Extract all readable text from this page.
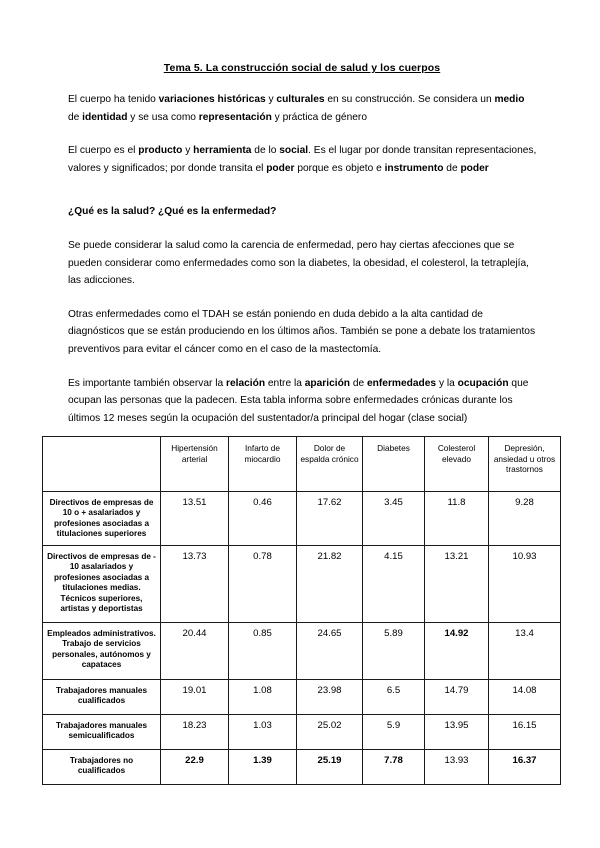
Tema 5. La construcción social de salud y los cuerpos

El cuerpo ha tenido variaciones históricas y culturales en su construcción. Se considera un medio de identidad y se usa como representación y práctica de género

El cuerpo es el producto y herramienta de lo social. Es el lugar por donde transitan representaciones, valores y significados; por donde transita el poder porque es objeto e instrumento de poder

¿Qué es la salud? ¿Qué es la enfermedad?

Se puede considerar la salud como la carencia de enfermedad, pero hay ciertas afecciones que se pueden considerar como enfermedades como son la diabetes, la obesidad, el colesterol, la tetraplejía, las adicciones.

Otras enfermedades como el TDAH se están poniendo en duda debido a la alta cantidad de diagnósticos que se están produciendo en los últimos años. También se pone a debate los tratamientos preventivos para evitar el cáncer como en el caso de la mastectomía.

Es importante también observar la relación entre la aparición de enfermedades y la ocupación que ocupan las personas que la padecen. Esta tabla informa sobre enfermedades crónicas durante los últimos 12 meses según la ocupación del sustentador/a principal del hogar (clase social)

	Hipertensión arterial	Infarto de miocardio	Dolor de espalda crónico	Diabetes	Colesterol elevado	Depresión, ansiedad u otros trastornos
Directivos de empresas de 10 o + asalariados y profesiones asociadas a titulaciones superiores	13.51	0.46	17.62	3.45	11.8	9.28
Directivos de empresas de - 10 asalariados y profesiones asociadas a titulaciones medias. Técnicos superiores, artistas y deportistas	13.73	0.78	21.82	4.15	13.21	10.93
Empleados administrativos. Trabajo de servicios personales, autónomos y capataces	20.44	0.85	24.65	5.89	14.92	13.4
Trabajadores manuales cualificados	19.01	1.08	23.98	6.5	14.79	14.08
Trabajadores manuales semicualificados	18.23	1.03	25.02	5.9	13.95	16.15
Trabajadores no cualificados	22.9	1.39	25.19	7.78	13.93	16.37
